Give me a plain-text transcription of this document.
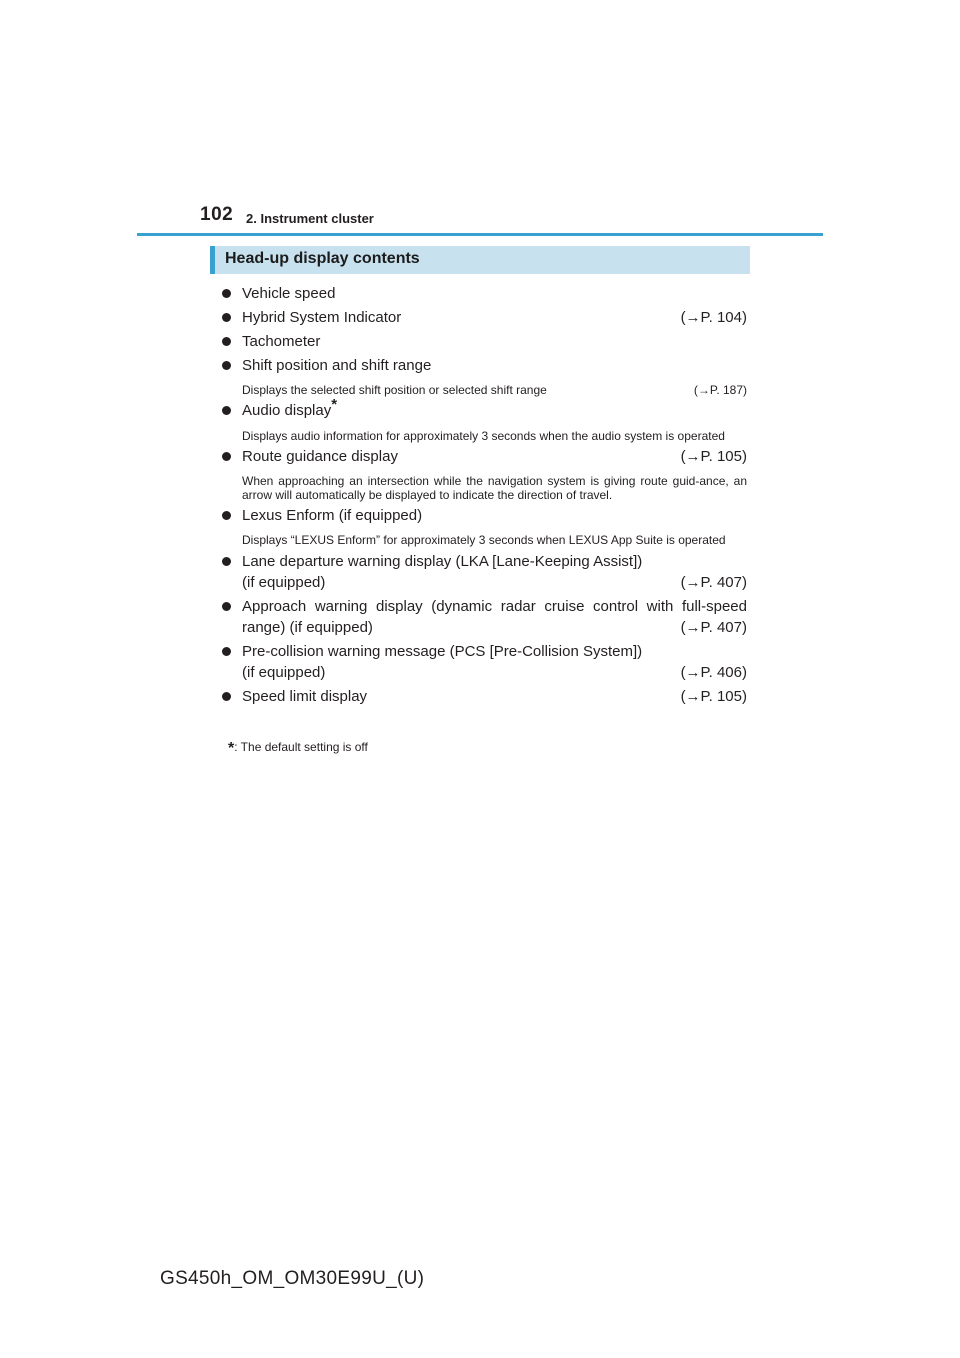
102 2. Instrument cluster
Head-up display contents
Vehicle speed
Hybrid System Indicator	(→P. 104)
Tachometer
Shift position and shift range
Displays the selected shift position or selected shift range	(→P. 187)
Audio display*
Displays audio information for approximately 3 seconds when the audio system is operated
Route guidance display	(→P. 105)
When approaching an intersection while the navigation system is giving route guid-ance, an arrow will automatically be displayed to indicate the direction of travel.
Lexus Enform (if equipped)
Displays “LEXUS Enform” for approximately 3 seconds when LEXUS App Suite is operated
Lane departure warning display (LKA [Lane-Keeping Assist])
(if equipped)	(→P. 407)
Approach warning display (dynamic radar cruise control with full-speed
range) (if equipped)	(→P. 407)
Pre-collision warning message (PCS [Pre-Collision System])
(if equipped)	(→P. 406)
Speed limit display	(→P. 105)
*: The default setting is off
GS450h_OM_OM30E99U_(U)
